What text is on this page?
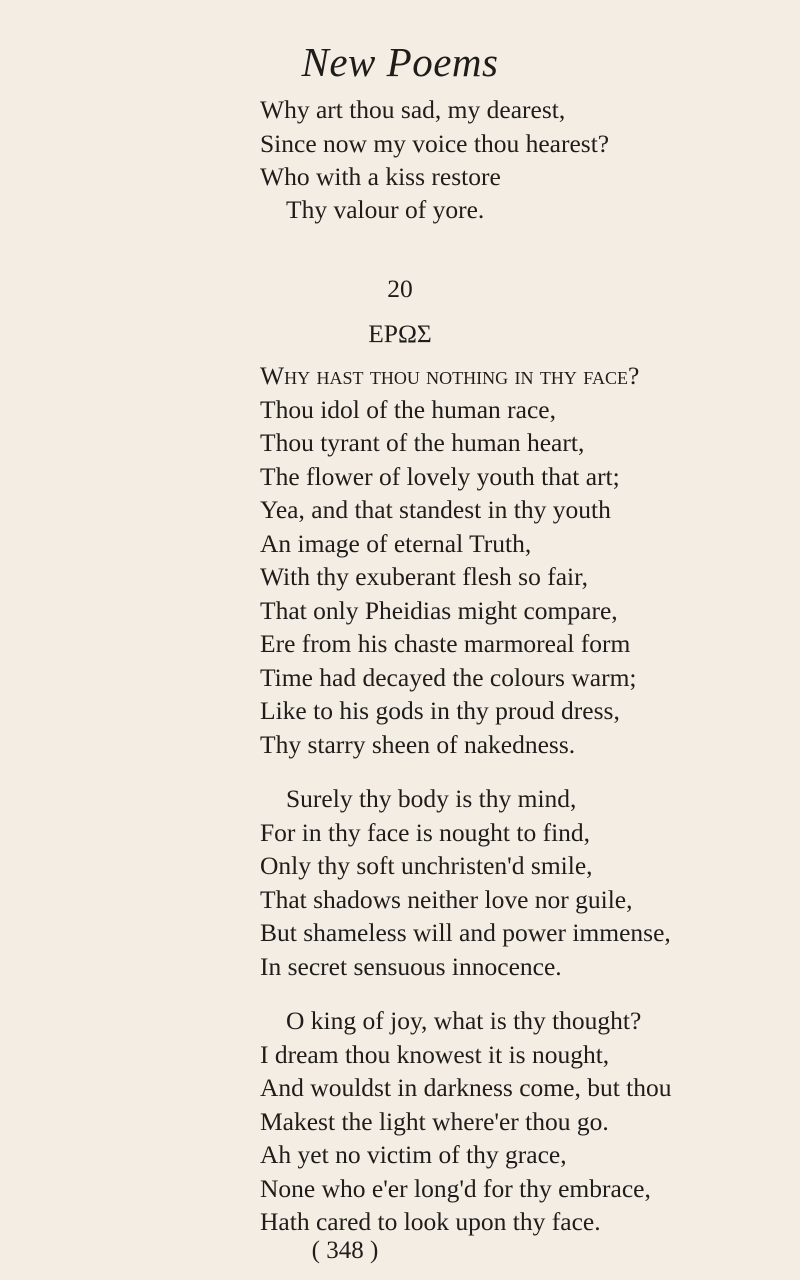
New Poems
Why art thou sad, my dearest,
Since now my voice thou hearest?
Who with a kiss restore
Thy valour of yore.
20
ΕΡΩΣ
Why hast thou nothing in thy face?
Thou idol of the human race,
Thou tyrant of the human heart,
The flower of lovely youth that art;
Yea, and that standest in thy youth
An image of eternal Truth,
With thy exuberant flesh so fair,
That only Pheidias might compare,
Ere from his chaste marmoreal form
Time had decayed the colours warm;
Like to his gods in thy proud dress,
Thy starry sheen of nakedness.
Surely thy body is thy mind,
For in thy face is nought to find,
Only thy soft unchristen'd smile,
That shadows neither love nor guile,
But shameless will and power immense,
In secret sensuous innocence.
O king of joy, what is thy thought?
I dream thou knowest it is nought,
And wouldst in darkness come, but thou
Makest the light where'er thou go.
Ah yet no victim of thy grace,
None who e'er long'd for thy embrace,
Hath cared to look upon thy face.
( 348 )
